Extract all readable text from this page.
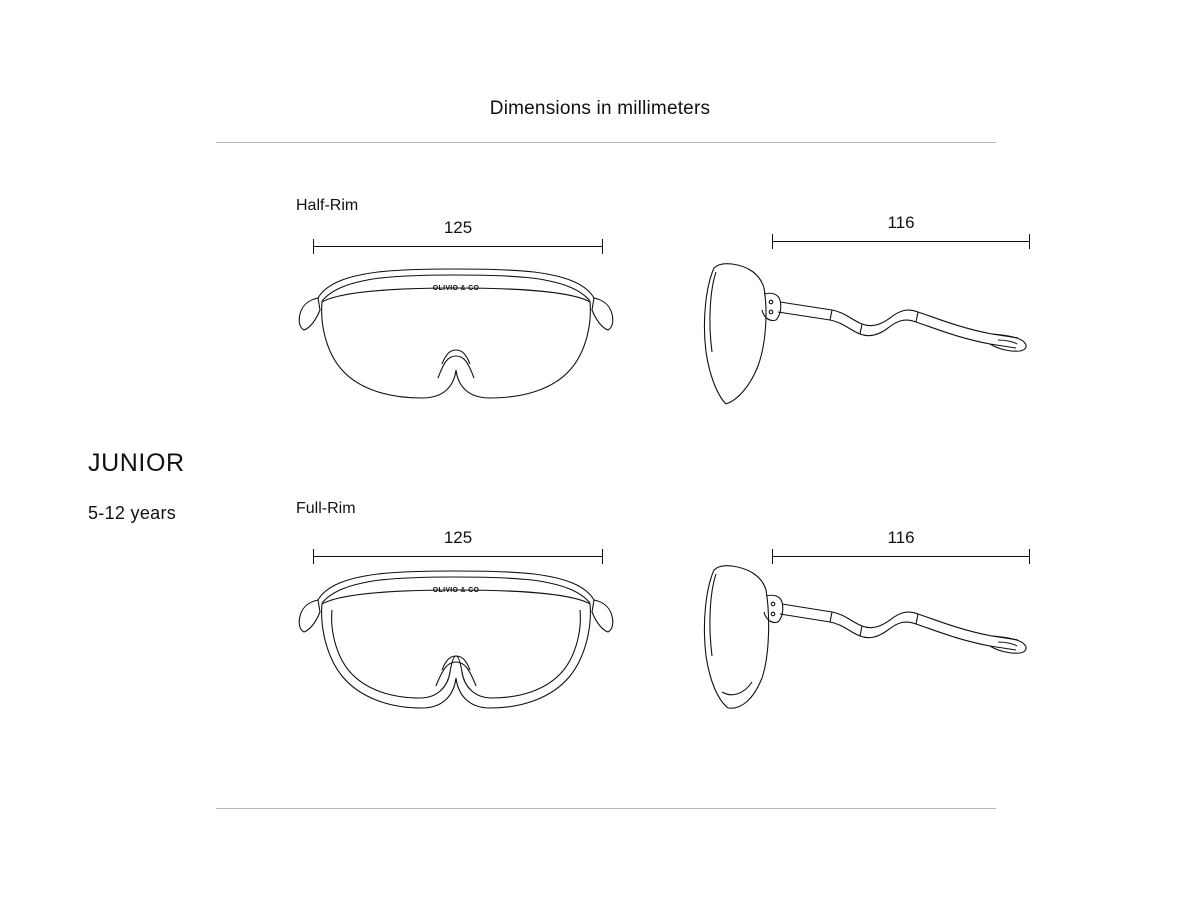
Dimensions in millimeters
JUNIOR
5-12 years
Half-Rim
125	116
OLIVIO & CO
Full-Rim
125	116
OLIVIO & CO
